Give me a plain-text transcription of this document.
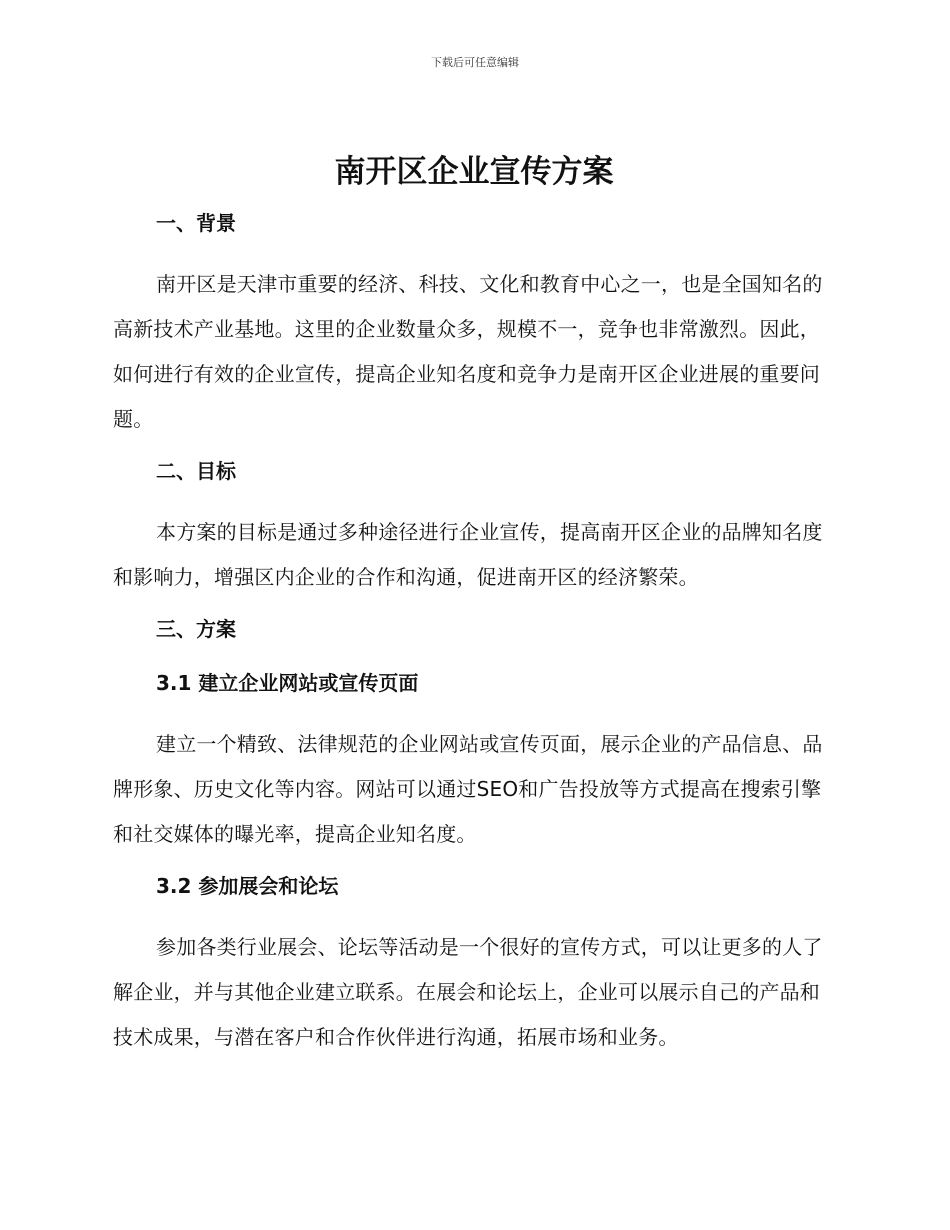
下载后可任意编辑
南开区企业宣传方案
一、背景

南开区是天津市重要的经济、科技、文化和教育中心之一，也是全国知名的高新技术产业基地。这里的企业数量众多，规模不一，竞争也非常激烈。因此，如何进行有效的企业宣传，提高企业知名度和竞争力是南开区企业进展的重要问题。

二、目标

本方案的目标是通过多种途径进行企业宣传，提高南开区企业的品牌知名度和影响力，增强区内企业的合作和沟通，促进南开区的经济繁荣。

三、方案
3.1 建立企业网站或宣传页面

建立一个精致、法律规范的企业网站或宣传页面，展示企业的产品信息、品牌形象、历史文化等内容。网站可以通过SEO和广告投放等方式提高在搜索引擎和社交媒体的曝光率，提高企业知名度。

3.2 参加展会和论坛

参加各类行业展会、论坛等活动是一个很好的宣传方式，可以让更多的人了解企业，并与其他企业建立联系。在展会和论坛上，企业可以展示自己的产品和技术成果，与潜在客户和合作伙伴进行沟通，拓展市场和业务。
